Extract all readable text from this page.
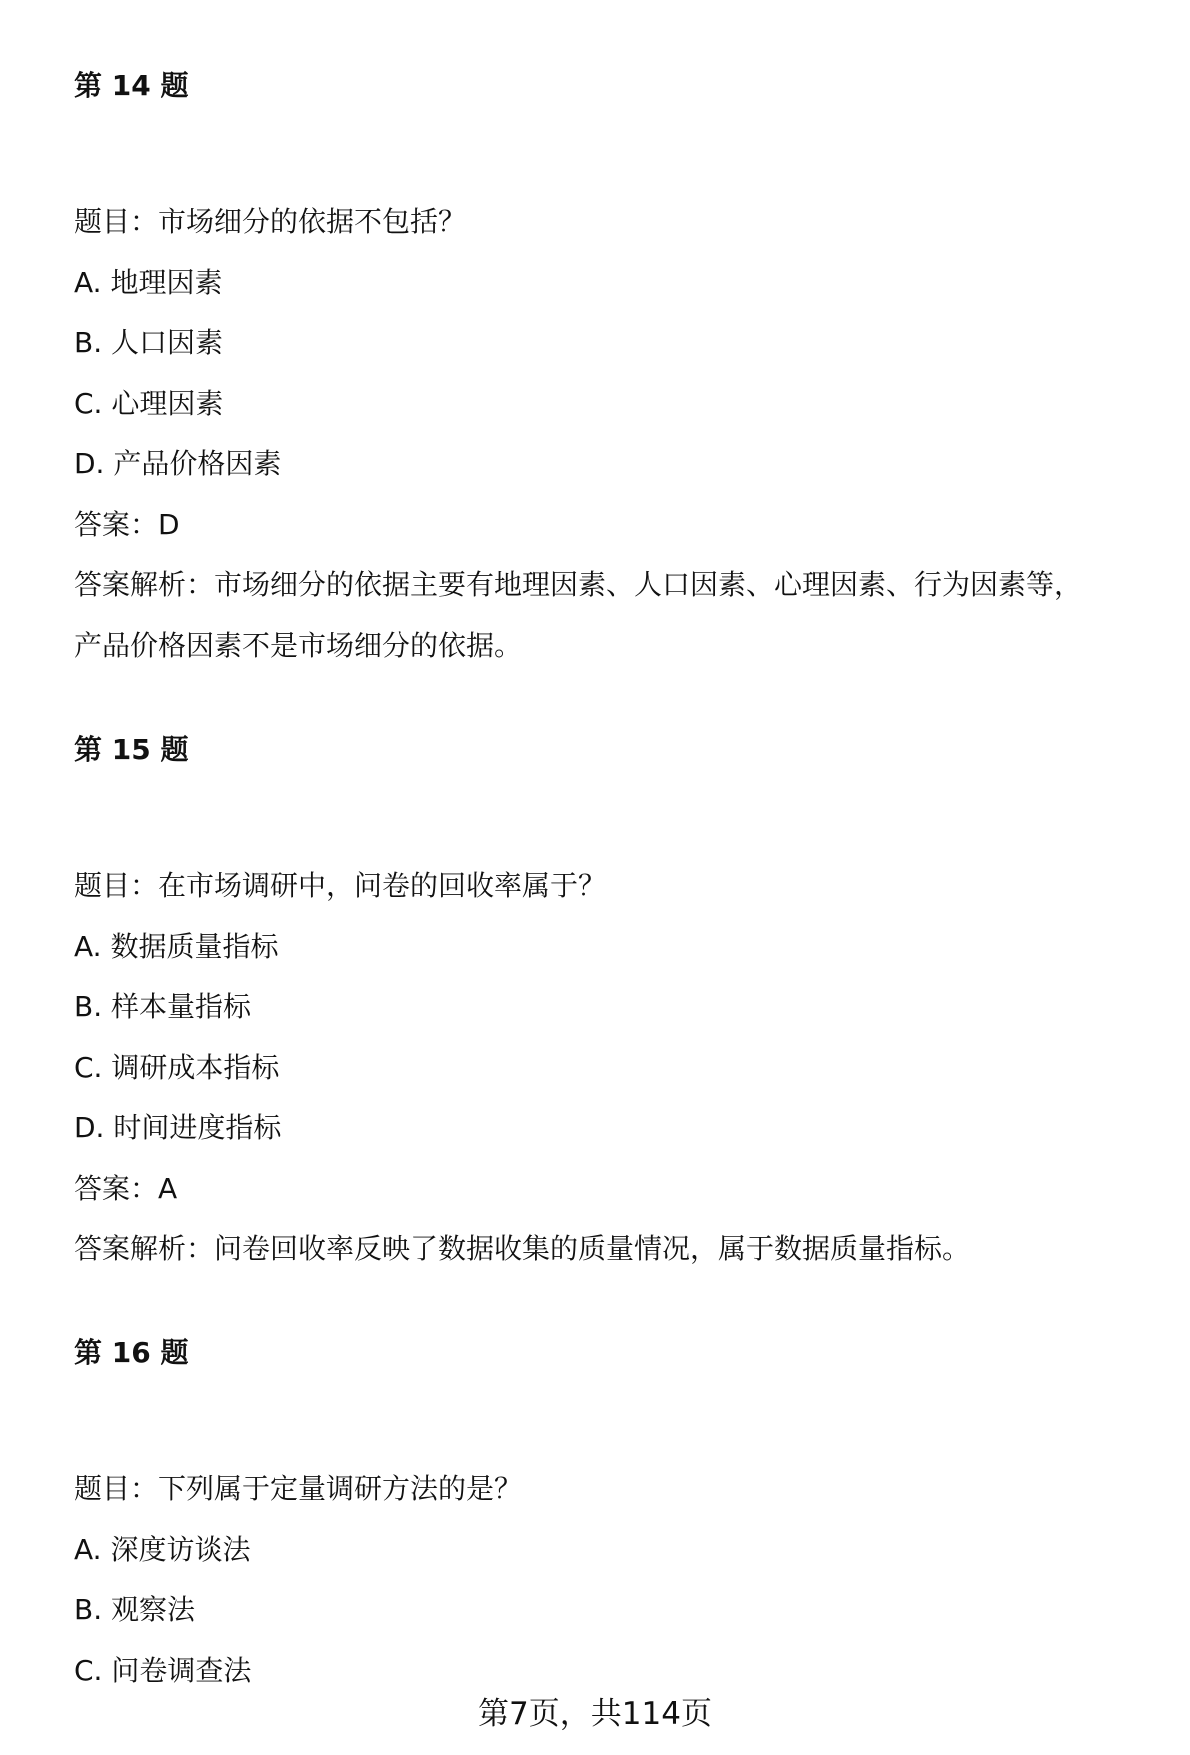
第 14 题

题目：市场细分的依据不包括？

A. 地理因素

B. 人口因素

C. 心理因素

D. 产品价格因素

答案：D

答案解析：市场细分的依据主要有地理因素、人口因素、心理因素、行为因素等，

产品价格因素不是市场细分的依据。

第 15 题

题目：在市场调研中，问卷的回收率属于？

A. 数据质量指标

B. 样本量指标

C. 调研成本指标

D. 时间进度指标

答案：A

答案解析：问卷回收率反映了数据收集的质量情况，属于数据质量指标。

第 16 题

题目：下列属于定量调研方法的是？

A. 深度访谈法

B. 观察法

C. 问卷调查法

第7页，共114页
